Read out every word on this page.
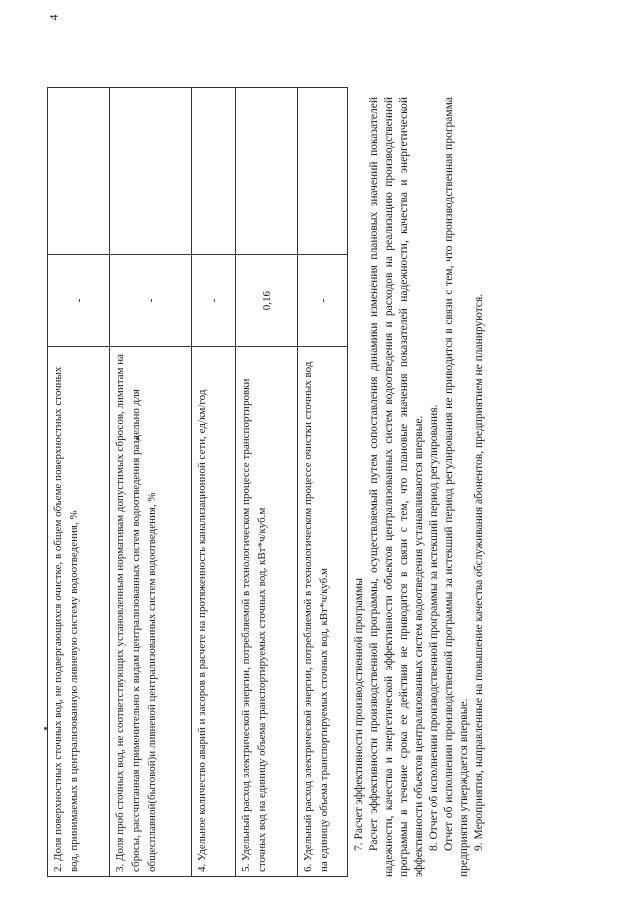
4
2. Доля поверхностных сточных вод, не подвергающихся очистке, в общем объеме поверхностных сточных вод, принимаемых в централизованную ливневую систему водоотведения, %	-	
3. Доля проб сточных вод, не соответствующих установленным нормативам допустимых сбросов, лимитам на сбросы, рассчитанная применительно к видам централизованных систем водоотведения раздельно для общесплавной(бытовой)и ливневой централизованных систем водоотведения, %	-	
4. Удельное количество аварий и засоров в расчете на протяженность канализационной сети, ед/км/год	-	
5. Удельный расход электрической энергии, потребляемой в технологическом процессе транспортировки сточных вод на единицу объема транспортируемых сточных вод, кВт*ч/куб.м	0,16	
6. Удельный расход электрической энергии, потребляемой в технологическом процессе очистки сточных вод на единицу объема транспортируемых сточных вод, кВт*ч/куб.м	-	

7. Расчет эффективности производственной программы Расчет эффективности производственной программы, осуществляемый путем сопоставления динамики изменения плановых значений показателей надежности, качества и энергетической эффективности объектов централизованных систем водоотведения и расходов на реализацию производственной программы в течение срока ее действия не приводится в связи с тем, что плановые значения показателей надежности, качества и энергетической эффективности объектов централизованных систем водоотведения устанавливаются впервые. 8. Отчет об исполнении производственной программы за истекший период регулирования. Отчет об исполнении производственной программы за истекший период регулирования не приводится в связи с тем, что производственная программа предприятия утверждается впервые. 9. Мероприятия, направленные на повышение качества обслуживания абонентов, предприятием не планируются.
